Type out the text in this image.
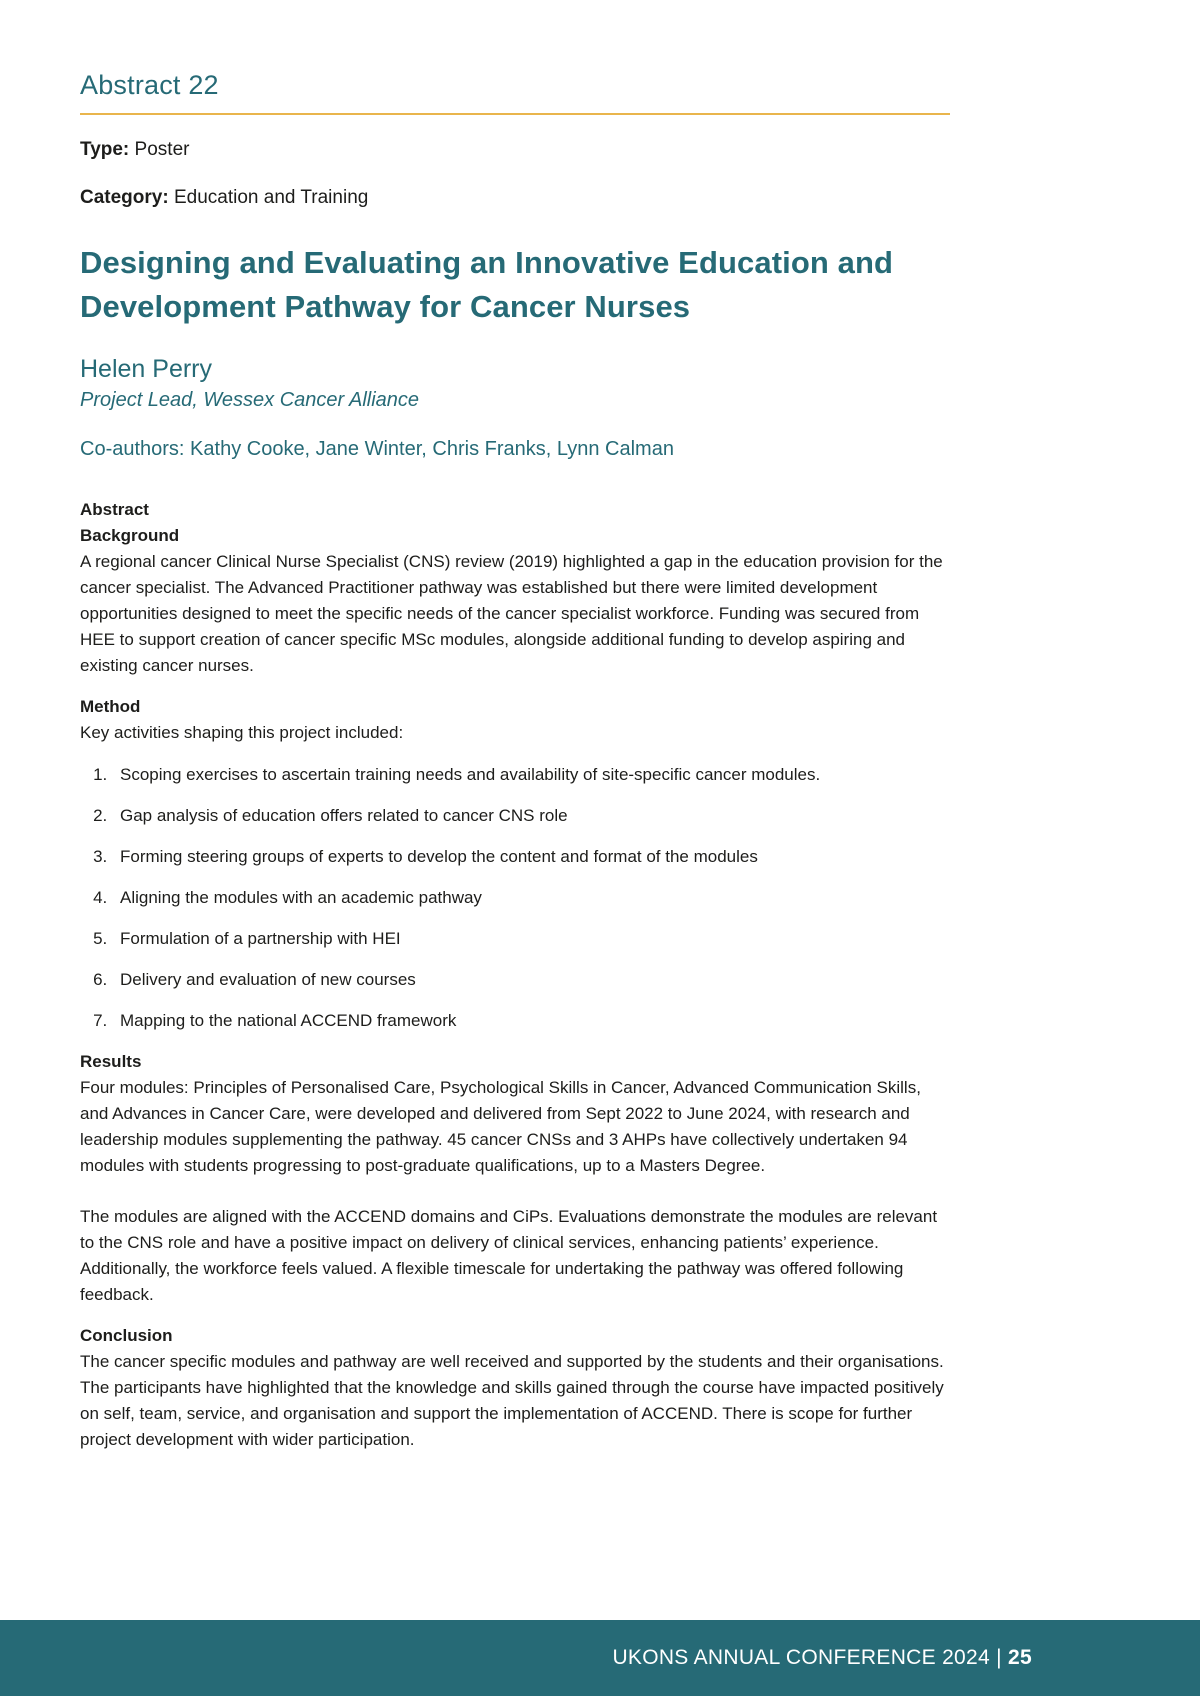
Abstract 22

Type: Poster

Category: Education and Training

Designing and Evaluating an Innovative Education and Development Pathway for Cancer Nurses

Helen Perry

Project Lead, Wessex Cancer Alliance

Co-authors: Kathy Cooke, Jane Winter, Chris Franks, Lynn Calman

Abstract
Background

A regional cancer Clinical Nurse Specialist (CNS) review (2019) highlighted a gap in the education provision for the cancer specialist. The Advanced Practitioner pathway was established but there were limited development opportunities designed to meet the specific needs of the cancer specialist workforce. Funding was secured from HEE to support creation of cancer specific MSc modules, alongside additional funding to develop aspiring and existing cancer nurses.

Method

Key activities shaping this project included:

1. Scoping exercises to ascertain training needs and availability of site-specific cancer modules.
2. Gap analysis of education offers related to cancer CNS role
3. Forming steering groups of experts to develop the content and format of the modules
4. Aligning the modules with an academic pathway
5. Formulation of a partnership with HEI
6. Delivery and evaluation of new courses
7. Mapping to the national ACCEND framework
Results

Four modules: Principles of Personalised Care, Psychological Skills in Cancer, Advanced Communication Skills, and Advances in Cancer Care, were developed and delivered from Sept 2022 to June 2024, with research and leadership modules supplementing the pathway. 45 cancer CNSs and 3 AHPs have collectively undertaken 94 modules with students progressing to post-graduate qualifications, up to a Masters Degree.

The modules are aligned with the ACCEND domains and CiPs. Evaluations demonstrate the modules are relevant to the CNS role and have a positive impact on delivery of clinical services, enhancing patients’ experience. Additionally, the workforce feels valued. A flexible timescale for undertaking the pathway was offered following feedback.

Conclusion

The cancer specific modules and pathway are well received and supported by the students and their organisations. The participants have highlighted that the knowledge and skills gained through the course have impacted positively on self, team, service, and organisation and support the implementation of ACCEND. There is scope for further project development with wider participation.

UKONS ANNUAL CONFERENCE 2024 | 25
